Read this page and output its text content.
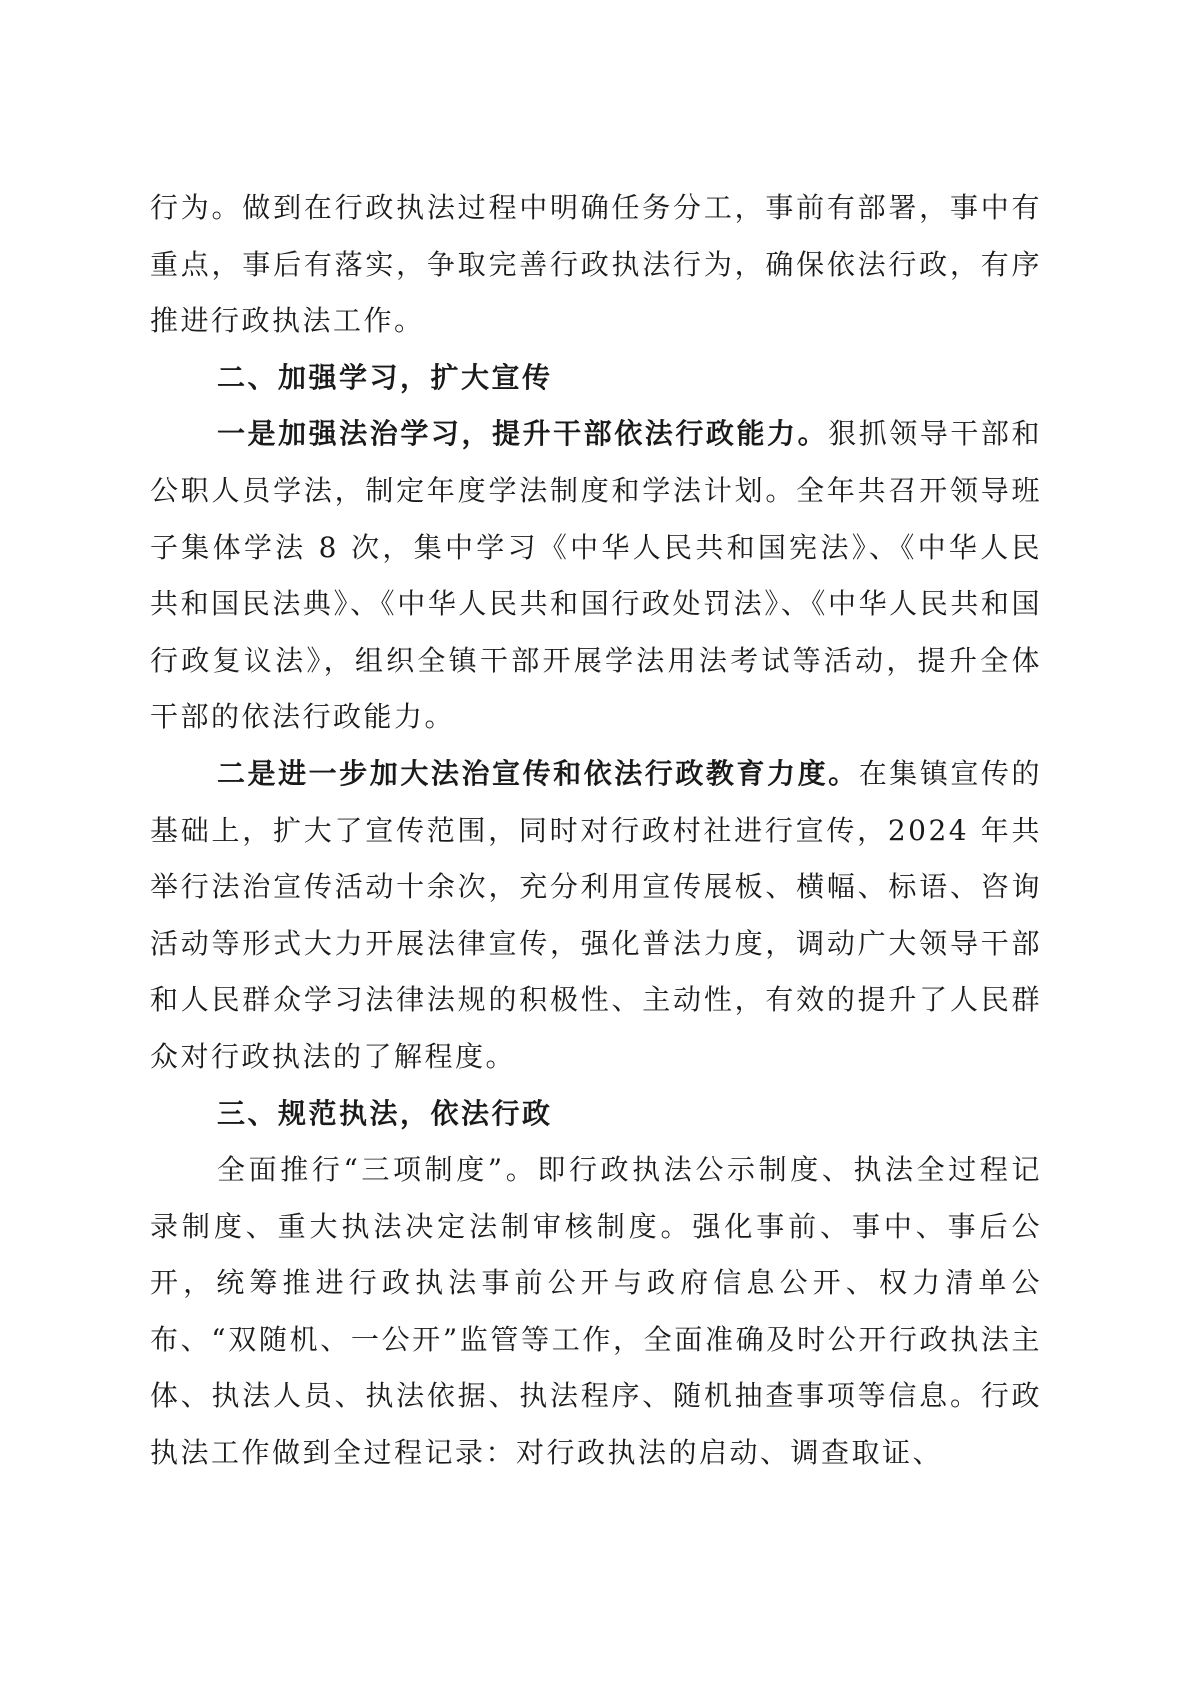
行为。做到在行政执法过程中明确任务分工，事前有部署，事中有重点，事后有落实，争取完善行政执法行为，确保依法行政，有序推进行政执法工作。

二、加强学习，扩大宣传

一是加强法治学习，提升干部依法行政能力。狠抓领导干部和公职人员学法，制定年度学法制度和学法计划。全年共召开领导班子集体学法 8 次，集中学习《中华人民共和国宪法》、《中华人民共和国民法典》、《中华人民共和国行政处罚法》、《中华人民共和国行政复议法》，组织全镇干部开展学法用法考试等活动，提升全体干部的依法行政能力。

二是进一步加大法治宣传和依法行政教育力度。在集镇宣传的基础上，扩大了宣传范围，同时对行政村社进行宣传，2024 年共举行法治宣传活动十余次，充分利用宣传展板、横幅、标语、咨询活动等形式大力开展法律宣传，强化普法力度，调动广大领导干部和人民群众学习法律法规的积极性、主动性，有效的提升了人民群众对行政执法的了解程度。

三、规范执法，依法行政

全面推行“三项制度”。即行政执法公示制度、执法全过程记录制度、重大执法决定法制审核制度。强化事前、事中、事后公开，统筹推进行政执法事前公开与政府信息公开、权力清单公布、“双随机、一公开”监管等工作，全面准确及时公开行政执法主体、执法人员、执法依据、执法程序、随机抽查事项等信息。行政执法工作做到全过程记录：对行政执法的启动、调查取证、
